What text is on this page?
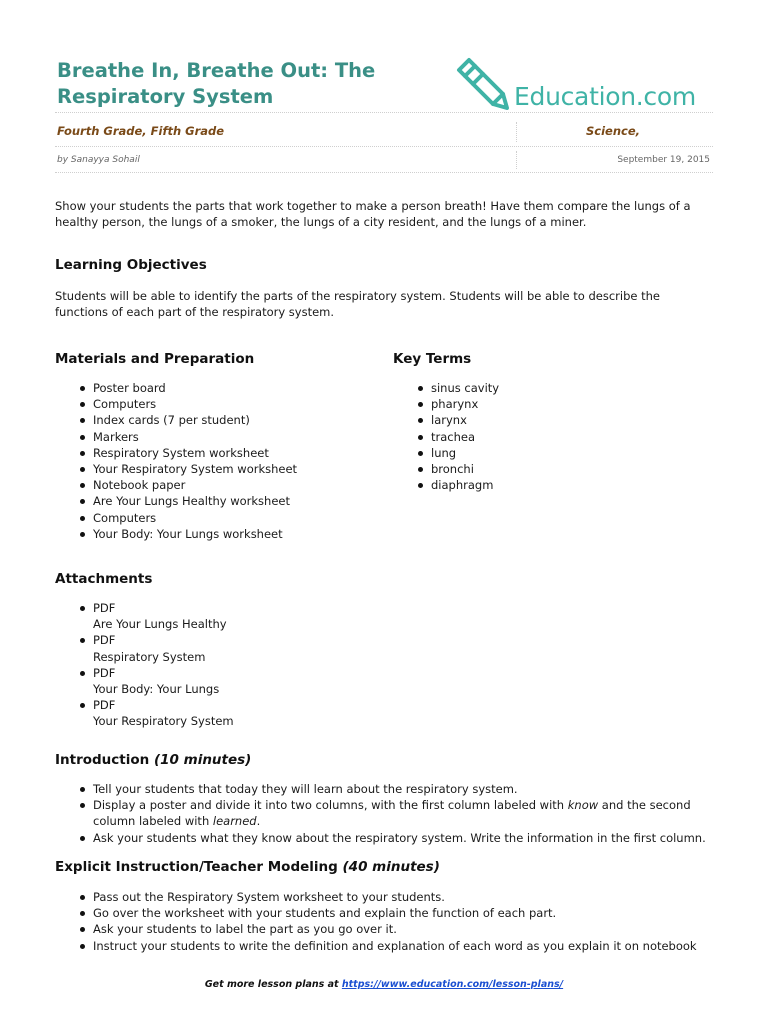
Breathe In, Breathe Out: The
Respiratory System	Education.com
Fourth Grade, Fifth Grade	Science,
by Sanayya Sohail	September 19, 2015

Show your students the parts that work together to make a person breath! Have them compare the lungs of a healthy person, the lungs of a smoker, the lungs of a city resident, and the lungs of a miner.

Learning Objectives

Students will be able to identify the parts of the respiratory system. Students will be able to describe the functions of each part of the respiratory system.

Materials and Preparation
Poster board
Computers
Index cards (7 per student)
Markers
Respiratory System worksheet
Your Respiratory System worksheet
Notebook paper
Are Your Lungs Healthy worksheet
Computers
Your Body: Your Lungs worksheet
Key Terms
sinus cavity
pharynx
larynx
trachea
lung
bronchi
diaphragm
Attachments
PDF
Are Your Lungs Healthy
PDF
Respiratory System
PDF
Your Body: Your Lungs
PDF
Your Respiratory System
Introduction (10 minutes)
Tell your students that today they will learn about the respiratory system.
Display a poster and divide it into two columns, with the first column labeled with know and the second column labeled with learned.
Ask your students what they know about the respiratory system. Write the information in the first column.
Explicit Instruction/Teacher Modeling (40 minutes)
Pass out the Respiratory System worksheet to your students.
Go over the worksheet with your students and explain the function of each part.
Ask your students to label the part as you go over it.
Instruct your students to write the definition and explanation of each word as you explain it on notebook
Get more lesson plans at https://www.education.com/lesson-plans/
